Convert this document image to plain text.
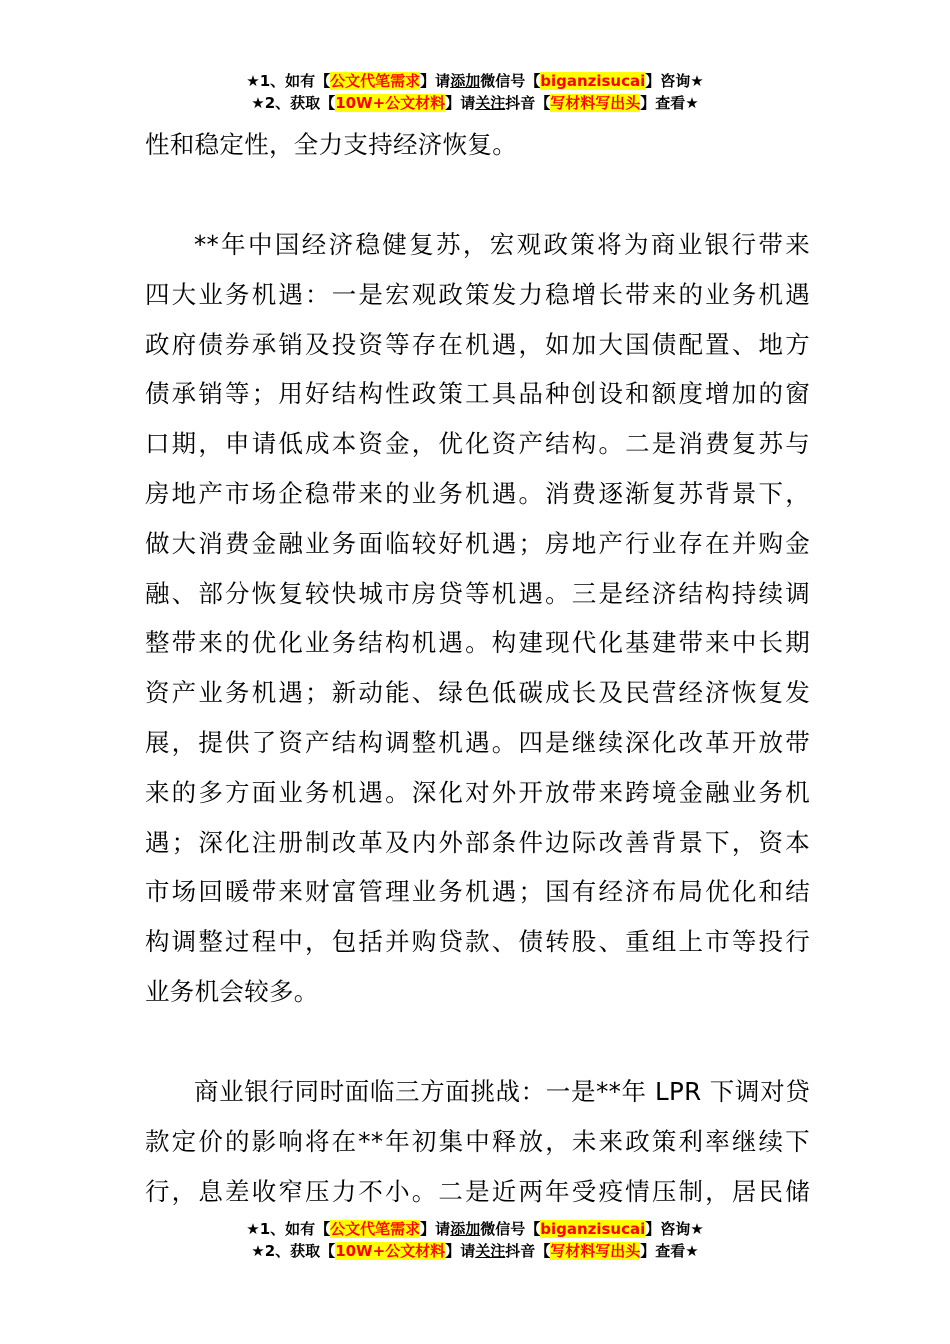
★1、如有【公文代笔需求】请添加微信号【biganzisucai】咨询★
★2、获取【10W+公文材料】请关注抖音【写材料写出头】查看★
性和稳定性，全力支持经济恢复。
**年中国经济稳健复苏，宏观政策将为商业银行带来
四大业务机遇：一是宏观政策发力稳增长带来的业务机遇
政府债券承销及投资等存在机遇，如加大国债配置、地方
债承销等；用好结构性政策工具品种创设和额度增加的窗
口期，申请低成本资金，优化资产结构。二是消费复苏与
房地产市场企稳带来的业务机遇。消费逐渐复苏背景下，
做大消费金融业务面临较好机遇；房地产行业存在并购金
融、部分恢复较快城市房贷等机遇。三是经济结构持续调
整带来的优化业务结构机遇。构建现代化基建带来中长期
资产业务机遇；新动能、绿色低碳成长及民营经济恢复发
展，提供了资产结构调整机遇。四是继续深化改革开放带
来的多方面业务机遇。深化对外开放带来跨境金融业务机
遇；深化注册制改革及内外部条件边际改善背景下，资本
市场回暖带来财富管理业务机遇；国有经济布局优化和结
构调整过程中，包括并购贷款、债转股、重组上市等投行
业务机会较多。
商业银行同时面临三方面挑战：一是**年 LPR 下调对贷
款定价的影响将在**年初集中释放，未来政策利率继续下
行，息差收窄压力不小。二是近两年受疫情压制，居民储
★1、如有【公文代笔需求】请添加微信号【biganzisucai】咨询★
★2、获取【10W+公文材料】请关注抖音【写材料写出头】查看★
